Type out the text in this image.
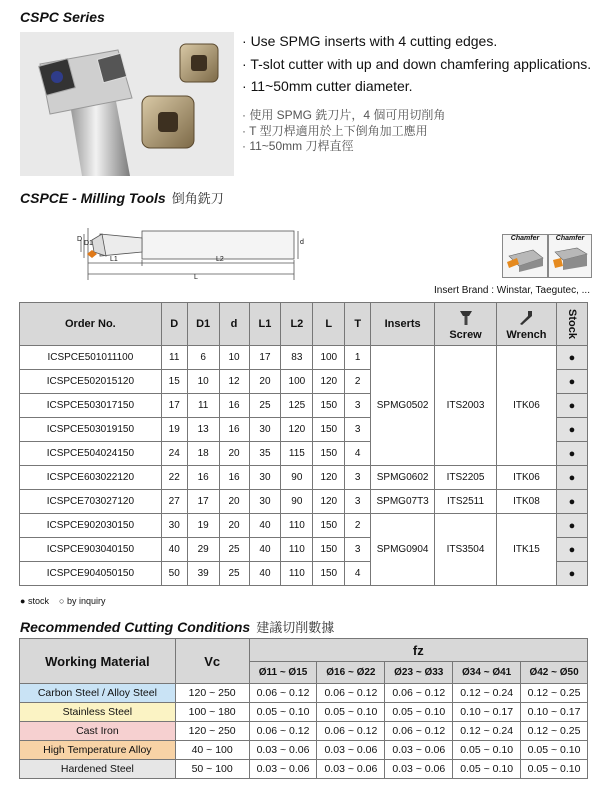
CSPC Series
· Use SPMG inserts with 4 cutting edges.
· T-slot cutter with up and down chamfering applications.
· 11~50mm cutter diameter.
· 使用 SPMG 銑刀片，4 個可用切削角
· T 型刀桿適用於上下倒角加工應用
· 11~50mm 刀桿直徑
CSPCE - Milling Tools 倒角銑刀
D
D1	d
L1	L2
L
Chamfer	Chamfer
Insert Brand : Winstar, Taegutec, ...
Order No.	D	D1	d	L1	L2	L	T	Inserts	Screw	Wrench	Stock

ICSPCE501011100	11	6	10	17	83	100	1	SPMG0502	ITS2003	ITK06	●
ICSPCE502015120	15	10	12	20	100	120	2				●
ICSPCE503017150	17	11	16	25	125	150	3				●
ICSPCE503019150	19	13	16	30	120	150	3				●
ICSPCE504024150	24	18	20	35	115	150	4				●
ICSPCE603022120	22	16	16	30	90	120	3	SPMG0602	ITS2205	ITK06	●
ICSPCE703027120	27	17	20	30	90	120	3	SPMG07T3	ITS2511	ITK08	●
ICSPCE902030150	30	19	20	40	110	150	2	SPMG0904	ITS3504	ITK15	●
ICSPCE903040150	40	29	25	40	110	150	3				●
ICSPCE904050150	50	39	25	40	110	150	4				●
● stock ○ by inquiry
Recommended Cutting Conditions 建議切削數據
Working Material	Vc	fz				
		Ø11 ~ Ø15	Ø16 ~ Ø22	Ø23 ~ Ø33	Ø34 ~ Ø41	Ø42 ~ Ø50
Carbon Steel / Alloy Steel	120 ~ 250	0.06 ~ 0.12	0.06 ~ 0.12	0.06 ~ 0.12	0.12 ~ 0.24	0.12 ~ 0.25
Stainless Steel	100 ~ 180	0.05 ~ 0.10	0.05 ~ 0.10	0.05 ~ 0.10	0.10 ~ 0.17	0.10 ~ 0.17
Cast Iron	120 ~ 250	0.06 ~ 0.12	0.06 ~ 0.12	0.06 ~ 0.12	0.12 ~ 0.24	0.12 ~ 0.25
High Temperature Alloy	40 ~ 100	0.03 ~ 0.06	0.03 ~ 0.06	0.03 ~ 0.06	0.05 ~ 0.10	0.05 ~ 0.10
Hardened Steel	50 ~ 100	0.03 ~ 0.06	0.03 ~ 0.06	0.03 ~ 0.06	0.05 ~ 0.10	0.05 ~ 0.10
